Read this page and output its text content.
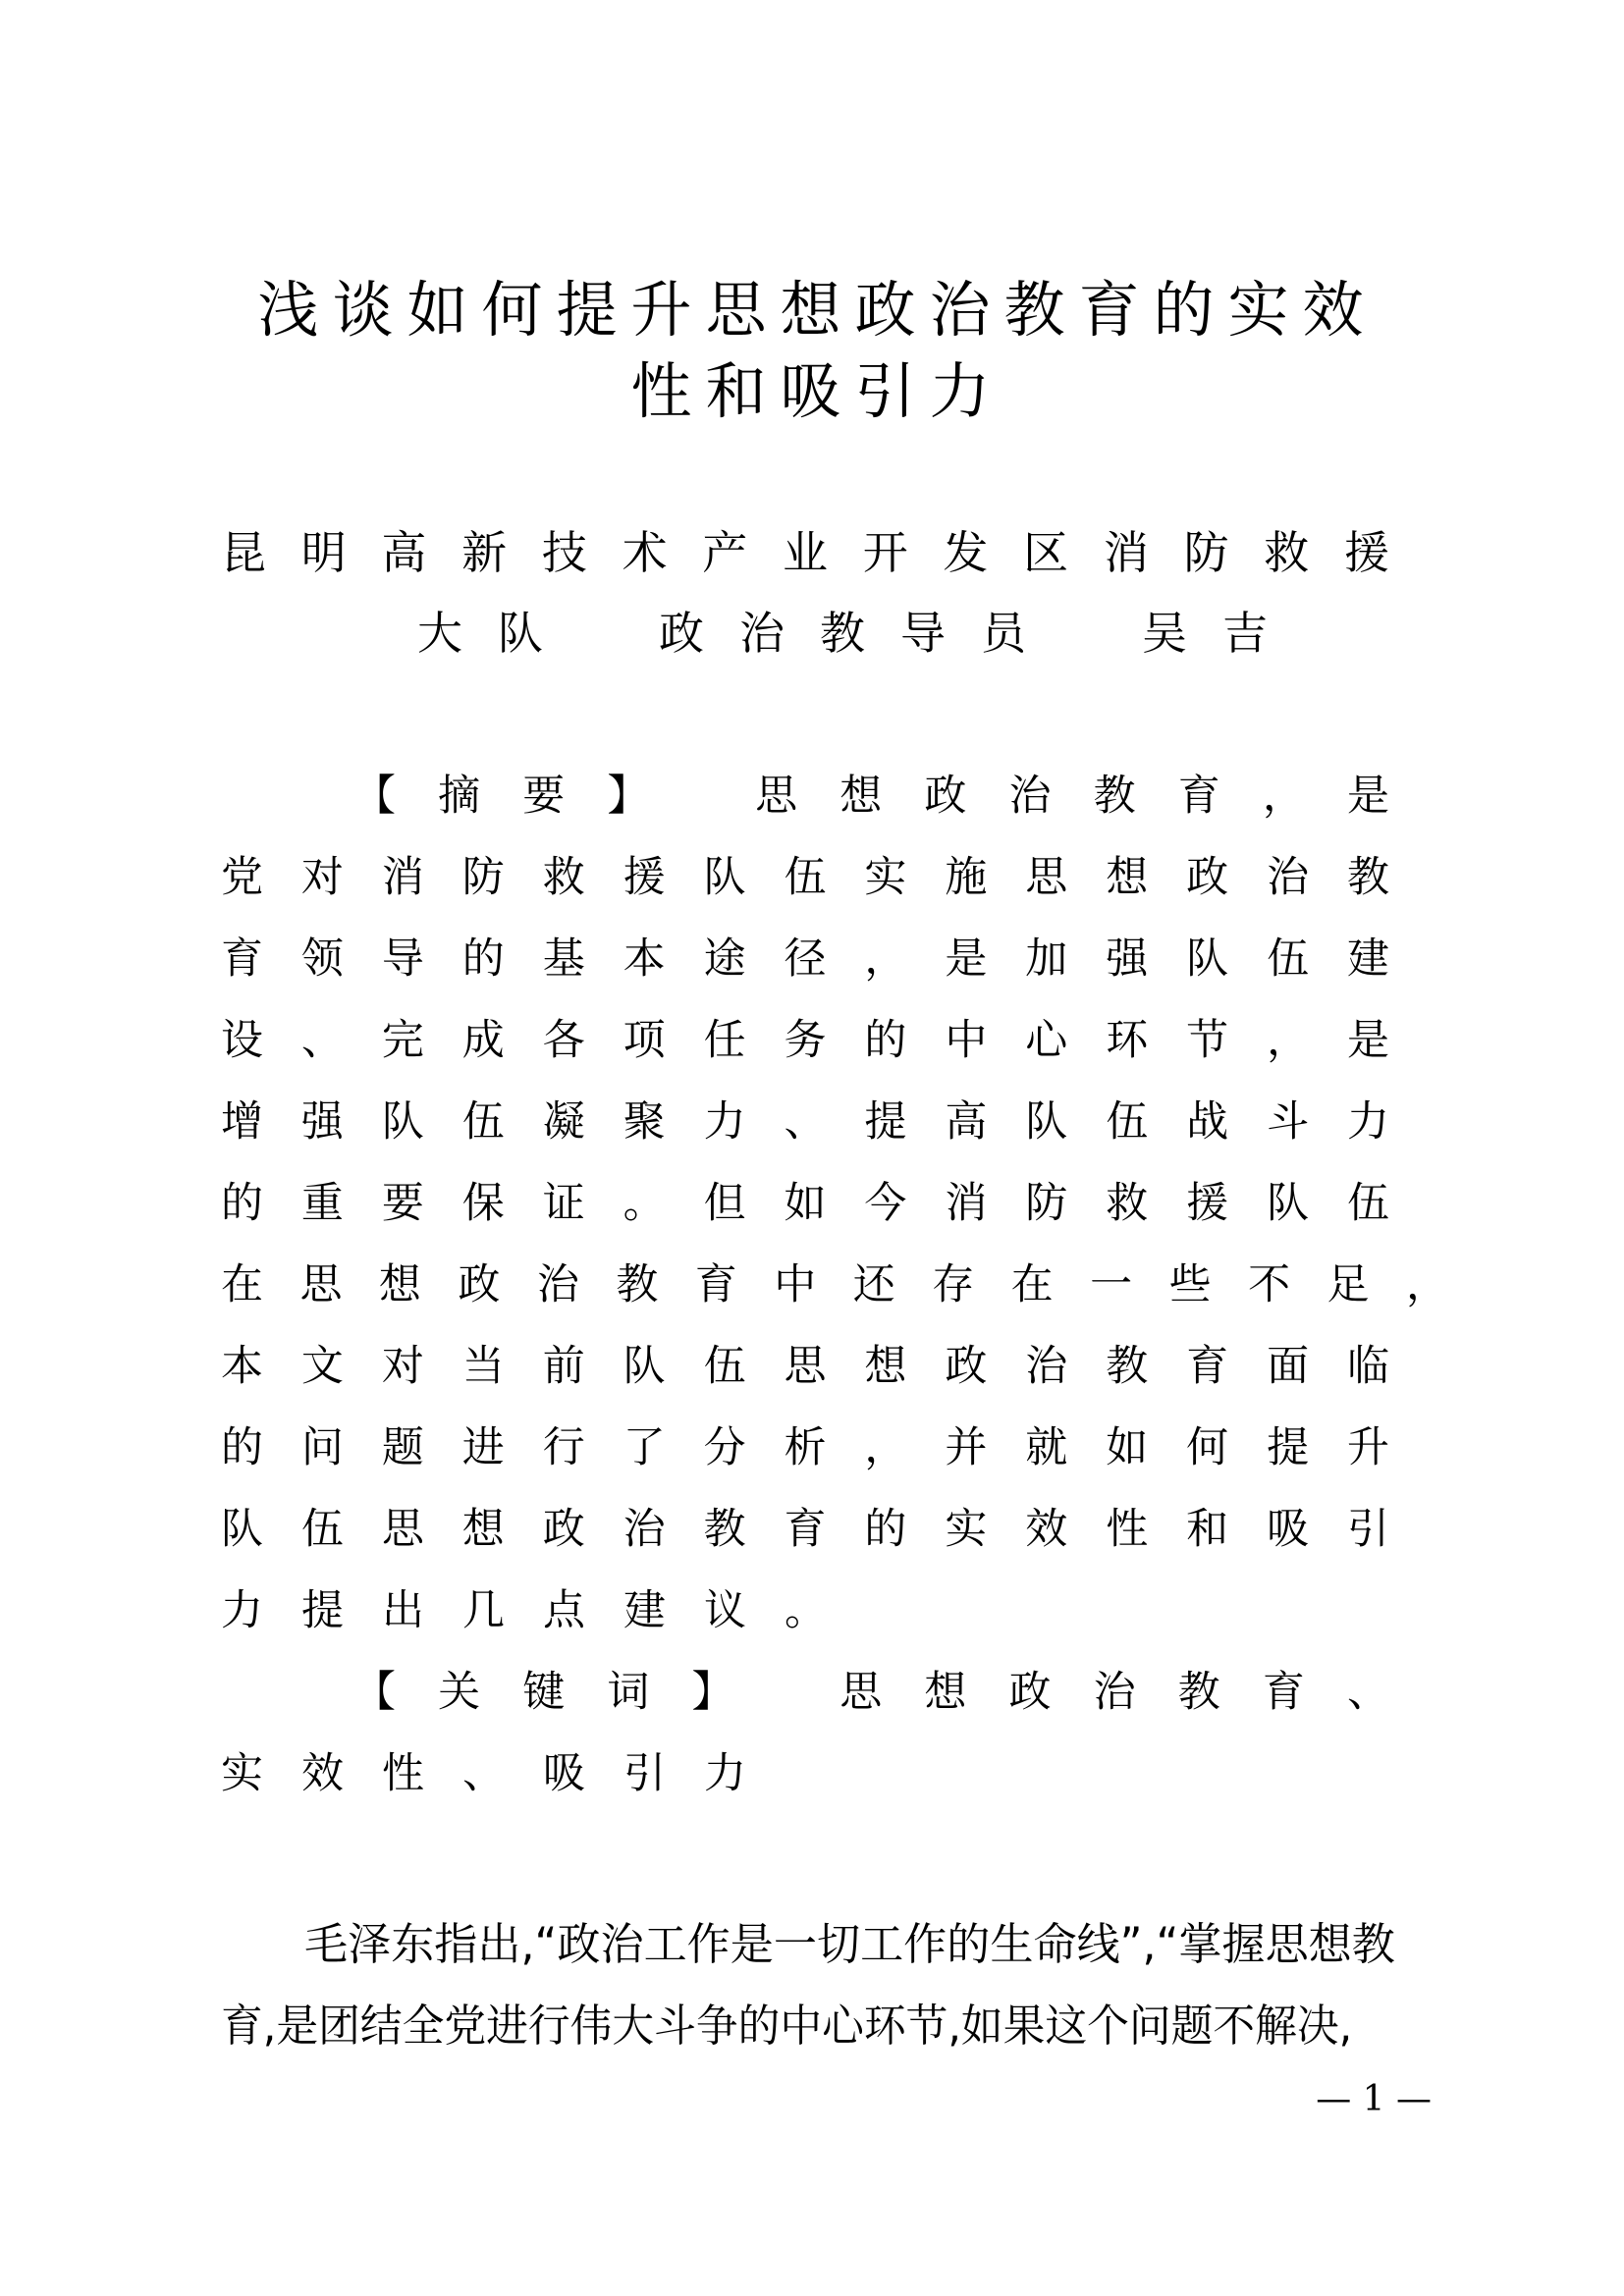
浅谈如何提升思想政治教育的实效
性和吸引力
昆明高新技术产业开发区消防救援
大队　政治教导员　吴吉
【摘要】　思想政治教育，是
党对消防救援队伍实施思想政治教
育领导的基本途径，是加强队伍建
设、完成各项任务的中心环节，是
增强队伍凝聚力、提高队伍战斗力
的重要保证。但如今消防救援队伍
在思想政治教育中还存在一些不足，
本文对当前队伍思想政治教育面临
的问题进行了分析，并就如何提升
队伍思想政治教育的实效性和吸引
力提出几点建议。
【关键词】　思想政治教育、
实效性、吸引力
毛泽东指出,“政治工作是一切工作的生命线”,“掌握思想教
育,是团结全党进行伟大斗争的中心环节,如果这个问题不解决,
— 1 —
